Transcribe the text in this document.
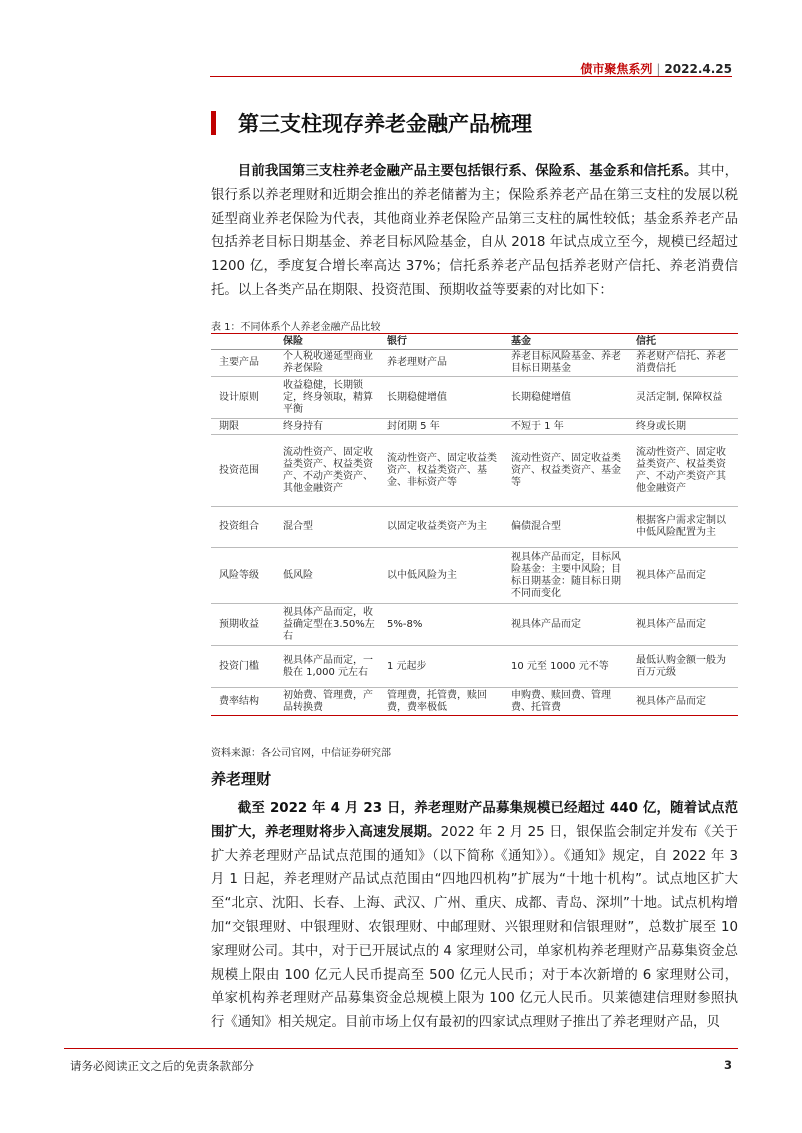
债市聚焦系列 | 2022.4.25
第三支柱现存养老金融产品梳理
目前我国第三支柱养老金融产品主要包括银行系、保险系、基金系和信托系。其中，银行系以养老理财和近期会推出的养老储蓄为主；保险系养老产品在第三支柱的发展以税延型商业养老保险为代表，其他商业养老保险产品第三支柱的属性较低；基金系养老产品包括养老目标日期基金、养老目标风险基金，自从 2018 年试点成立至今，规模已经超过 1200 亿，季度复合增长率高达 37%；信托系养老产品包括养老财产信托、养老消费信托。以上各类产品在期限、投资范围、预期收益等要素的对比如下：
表 1：不同体系个人养老金融产品比较
	保险	银行	基金	信托
主要产品	个人税收递延型商业养老保险	养老理财产品	养老目标风险基金、养老目标日期基金	养老财产信托、养老消费信托
设计原则	收益稳健，长期锁定，终身领取，精算平衡	长期稳健增值	长期稳健增值	灵活定制, 保障权益
期限	终身持有	封闭期 5 年	不短于 1 年	终身或长期
投资范围	流动性资产、固定收益类资产、权益类资产、不动产类资产、其他金融资产	流动性资产、固定收益类资产、权益类资产、基金、非标资产等	流动性资产、固定收益类资产、权益类资产、基金等	流动性资产、固定收益类资产、权益类资产、不动产类资产其他金融资产
投资组合	混合型	以固定收益类资产为主	偏债混合型	根据客户需求定制以中低风险配置为主
风险等级	低风险	以中低风险为主	视具体产品而定，目标风险基金：主要中风险；目标日期基金：随目标日期不同而变化	视具体产品而定
预期收益	视具体产品而定，收益确定型在3.50%左右	5%-8%	视具体产品而定	视具体产品而定
投资门槛	视具体产品而定，一般在 1,000 元左右	1 元起步	10 元至 1000 元不等	最低认购金额一般为百万元级
费率结构	初始费、管理费，产品转换费	管理费，托管费，赎回费，费率极低	申购费、赎回费、管理费、托管费	视具体产品而定
资料来源：各公司官网，中信证券研究部
养老理财
截至 2022 年 4 月 23 日，养老理财产品募集规模已经超过 440 亿，随着试点范围扩大，养老理财将步入高速发展期。2022 年 2 月 25 日，银保监会制定并发布《关于扩大养老理财产品试点范围的通知》（以下简称《通知》）。《通知》规定，自 2022 年 3 月 1 日起，养老理财产品试点范围由“四地四机构”扩展为“十地十机构”。试点地区扩大至“北京、沈阳、长春、上海、武汉、广州、重庆、成都、青岛、深圳”十地。试点机构增加“交银理财、中银理财、农银理财、中邮理财、兴银理财和信银理财”，总数扩展至 10 家理财公司。其中，对于已开展试点的 4 家理财公司，单家机构养老理财产品募集资金总规模上限由 100 亿元人民币提高至 500 亿元人民币；对于本次新增的 6 家理财公司，单家机构养老理财产品募集资金总规模上限为 100 亿元人民币。贝莱德建信理财参照执行《通知》相关规定。目前市场上仅有最初的四家试点理财子推出了养老理财产品，贝
请务必阅读正文之后的免责条款部分	3
